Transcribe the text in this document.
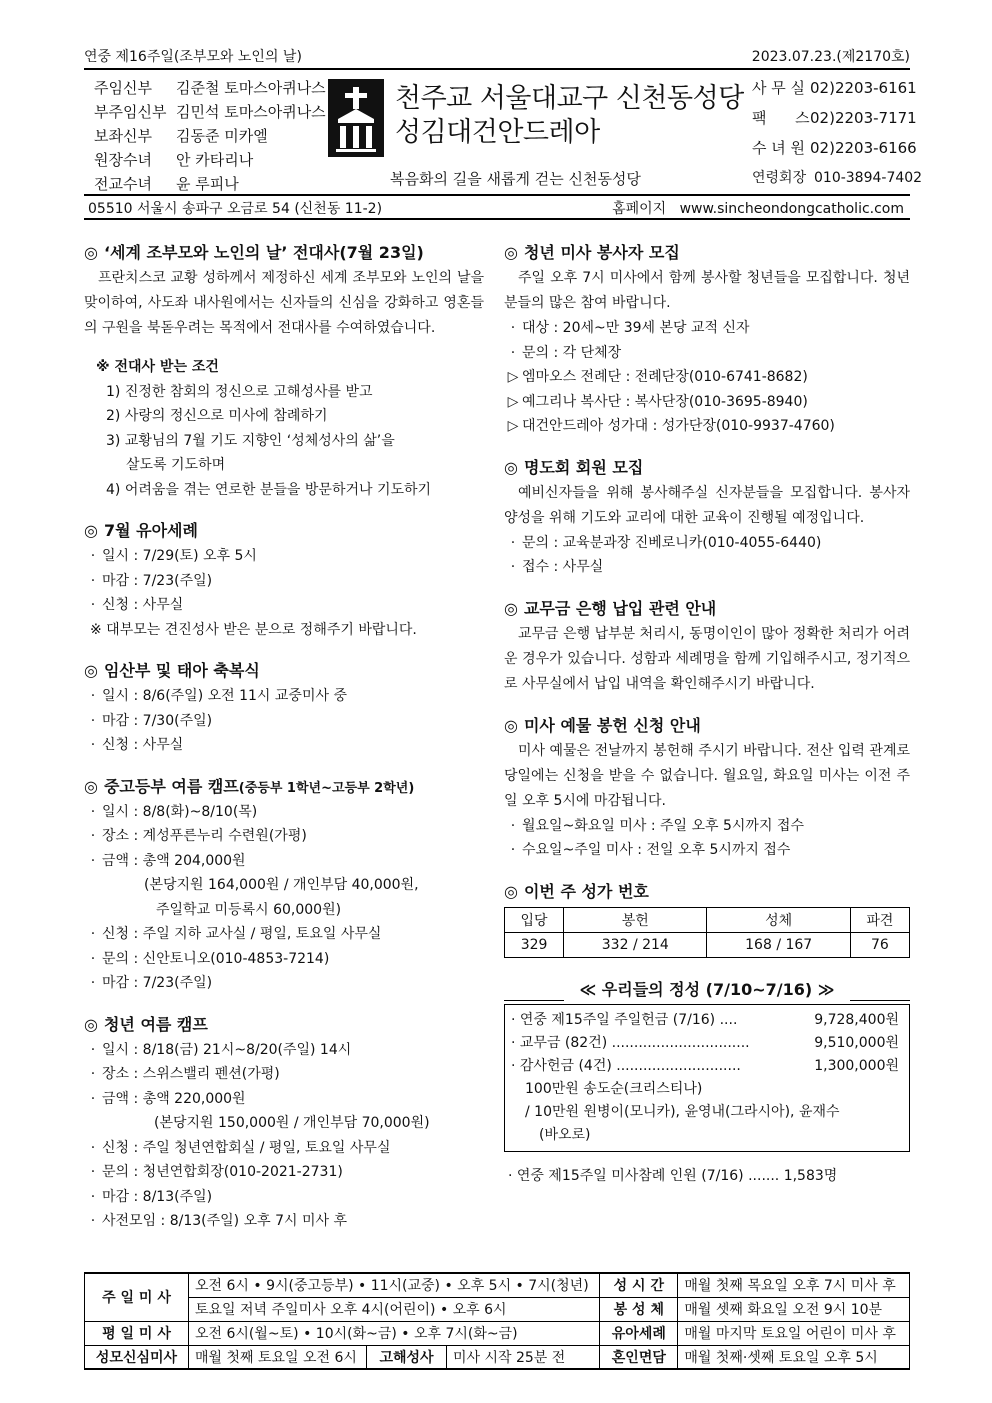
연중 제16주일(조부모와 노인의 날)	2023.07.23.(제2170호)
주임신부 김준철 토마스아퀴나스
부주임신부 김민석 토마스아퀴나스
보좌신부 김동준 미카엘
원장수녀 안 카타리나
전교수녀 윤 루피나
천주교 서울대교구 신천동성당
성김대건안드레아
복음화의 길을 새롭게 걷는 신천동성당
사 무 실 02)2203-6161
팩      스02)2203-7171
수 녀 원 02)2203-6166
연령회장 010-3894-7402
05510 서울시 송파구 오금로 54 (신천동 11-2)	홈페이지 www.sincheondongcatholic.com
◎ ‘세계 조부모와 노인의 날’ 전대사(7월 23일)
프란치스코 교황 성하께서 제정하신 세계 조부모와 노인의 날을 맞이하여, 사도좌 내사원에서는 신자들의 신심을 강화하고 영혼들의 구원을 북돋우려는 목적에서 전대사를 수여하였습니다.
※ 전대사 받는 조건
1) 진정한 참회의 정신으로 고해성사를 받고
2) 사랑의 정신으로 미사에 참례하기
3) 교황님의 7월 기도 지향인 ‘성체성사의 삶’을
살도록 기도하며
4) 어려움을 겪는 연로한 분들을 방문하거나 기도하기
◎ 7월 유아세례
· 일시 : 7/29(토) 오후 5시
· 마감 : 7/23(주일)
· 신청 : 사무실
※ 대부모는 견진성사 받은 분으로 정해주기 바랍니다.
◎ 임산부 및 태아 축복식
· 일시 : 8/6(주일) 오전 11시 교중미사 중
· 마감 : 7/30(주일)
· 신청 : 사무실
◎ 중고등부 여름 캠프(중등부 1학년~고등부 2학년)
· 일시 : 8/8(화)~8/10(목)
· 장소 : 계성푸른누리 수련원(가평)
· 금액 : 총액 204,000원
(본당지원 164,000원 / 개인부담 40,000원,
주일학교 미등록시 60,000원)
· 신청 : 주일 지하 교사실 / 평일, 토요일 사무실
· 문의 : 신안토니오(010-4853-7214)
· 마감 : 7/23(주일)
◎ 청년 여름 캠프
· 일시 : 8/18(금) 21시~8/20(주일) 14시
· 장소 : 스위스밸리 펜션(가평)
· 금액 : 총액 220,000원
(본당지원 150,000원 / 개인부담 70,000원)
· 신청 : 주일 청년연합회실 / 평일, 토요일 사무실
· 문의 : 청년연합회장(010-2021-2731)
· 마감 : 8/13(주일)
· 사전모임 : 8/13(주일) 오후 7시 미사 후
◎ 청년 미사 봉사자 모집
주일 오후 7시 미사에서 함께 봉사할 청년들을 모집합니다. 청년분들의 많은 참여 바랍니다.
· 대상 : 20세~만 39세 본당 교적 신자
· 문의 : 각 단체장
▷ 엠마오스 전례단 : 전례단장(010-6741-8682)
▷ 예그리나 복사단 : 복사단장(010-3695-8940)
▷ 대건안드레아 성가대 : 성가단장(010-9937-4760)
◎ 명도회 회원 모집
예비신자들을 위해 봉사해주실 신자분들을 모집합니다. 봉사자 양성을 위해 기도와 교리에 대한 교육이 진행될 예정입니다.
· 문의 : 교육분과장 진베로니카(010-4055-6440)
· 접수 : 사무실
◎ 교무금 은행 납입 관련 안내
교무금 은행 납부분 처리시, 동명이인이 많아 정확한 처리가 어려운 경우가 있습니다. 성함과 세례명을 함께 기입해주시고, 정기적으로 사무실에서 납입 내역을 확인해주시기 바랍니다.
◎ 미사 예물 봉헌 신청 안내
미사 예물은 전날까지 봉헌해 주시기 바랍니다. 전산 입력 관계로 당일에는 신청을 받을 수 없습니다. 월요일, 화요일 미사는 이전 주일 오후 5시에 마감됩니다.
· 월요일~화요일 미사 : 주일 오후 5시까지 접수
· 수요일~주일 미사 : 전일 오후 5시까지 접수
◎ 이번 주 성가 번호
입당	봉헌	성체	파견
329	332 / 214	168 / 167	76
≪ 우리들의 정성 (7/10~7/16) ≫
· 연중 제15주일 주일헌금 (7/16) ....	9,728,400원
· 교무금 (82건) ...............................	9,510,000원
· 감사헌금 (4건) ............................	1,300,000원
100만원 송도순(크리스티나)
/ 10만원 원병이(모니카), 윤영내(그라시아), 윤재수
(바오로)
· 연중 제15주일 미사참례 인원 (7/16) ....... 1,583명
주 일 미 사	오전 6시 • 9시(중고등부) • 11시(교중) • 오후 5시 • 7시(청년)			성 시 간	매월 첫째 목요일 오후 7시 미사 후
	토요일 저녁 주일미사 오후 4시(어린이) • 오후 6시			봉 성 체	매월 셋째 화요일 오전 9시 10분
평 일 미 사	오전 6시(월~토) • 10시(화~금) • 오후 7시(화~금)			유아세례	매월 마지막 토요일 어린이 미사 후
성모신심미사	매월 첫째 토요일 오전 6시	고해성사	미사 시작 25분 전	혼인면담	매월 첫째·셋째 토요일 오후 5시
